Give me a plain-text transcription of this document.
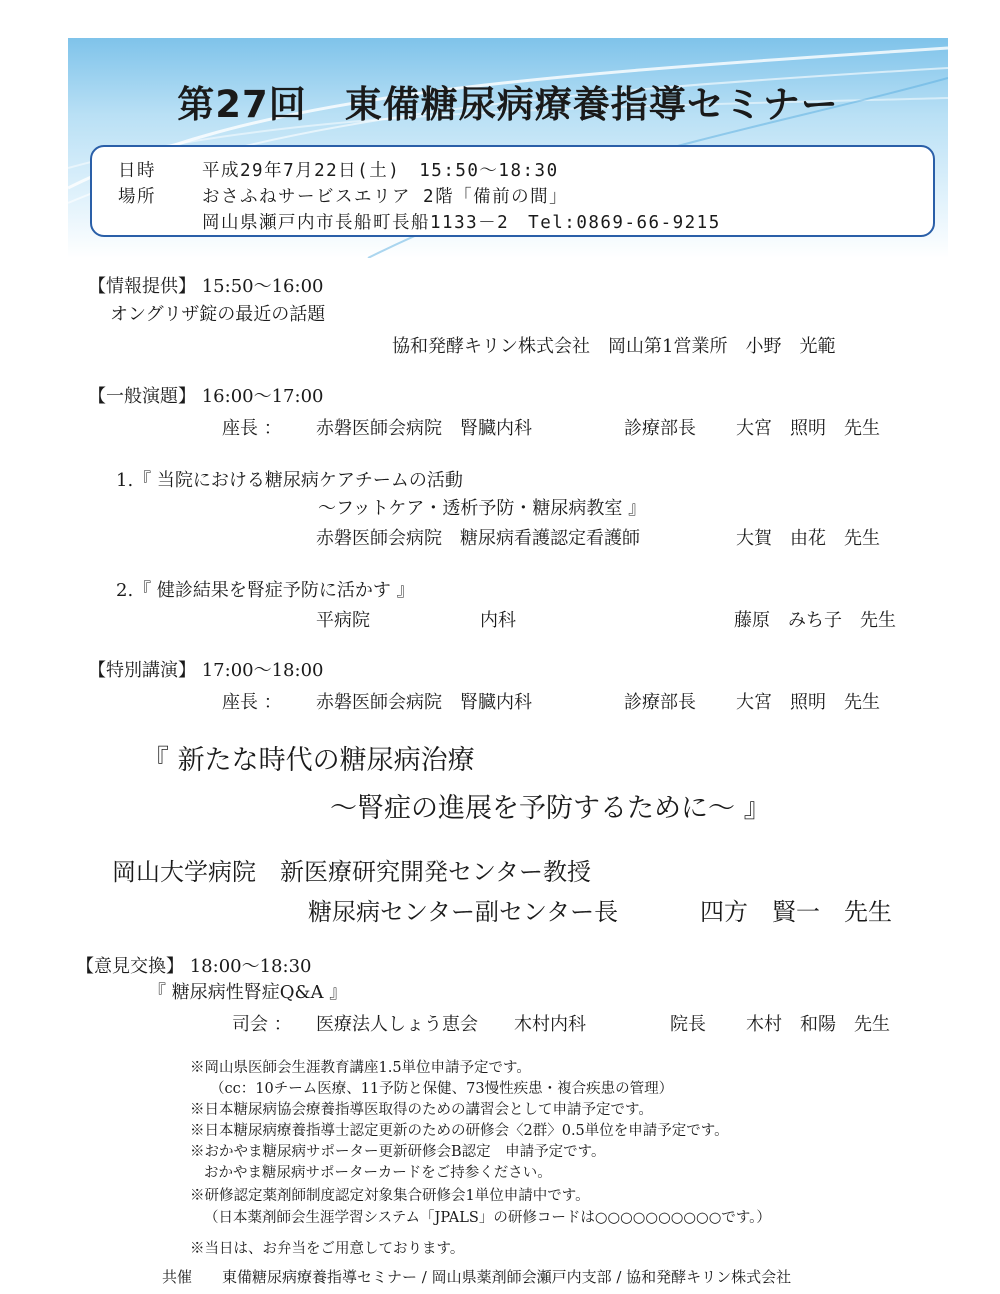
第27回　東備糖尿病療養指導セミナー
日時	平成29年7月22日(土)　15:50～18:30
場所	おさふねサービスエリア 2階「備前の間」
岡山県瀬戸内市長船町長船1133－2　Tel:0869-66-9215
【情報提供】 15:50～16:00
オングリザ錠の最近の話題
協和発酵キリン株式会社　岡山第1営業所　小野　光範
【一般演題】 16:00～17:00
座長 ： 赤磐医師会病院　腎臓内科	診療部長 大宮　照明　先生
1.『 当院における糖尿病ケアチームの活動
～フットケア・透析予防・糖尿病教室 』
赤磐医師会病院　糖尿病看護認定看護師	大賀　由花　先生
2.『 健診結果を腎症予防に活かす 』
平病院	内科	藤原　みち子　先生
【特別講演】 17:00～18:00
座長 ： 赤磐医師会病院　腎臓内科	診療部長 大宮　照明　先生
『 新たな時代の糖尿病治療
～腎症の進展を予防するために～ 』
岡山大学病院　新医療研究開発センター教授
糖尿病センター副センター長	四方　賢一　先生
【意見交換】 18:00～18:30
『 糖尿病性腎症Q&A 』
司会 ： 医療法人しょう恵会　　木村内科	院長 木村　和陽　先生
※岡山県医師会生涯教育講座1.5単位申請予定です。
（cc：10チーム医療、11予防と保健、73慢性疾患・複合疾患の管理）
※日本糖尿病協会療養指導医取得のための講習会として申請予定です。
※日本糖尿病療養指導士認定更新のための研修会〈2群〉0.5単位を申請予定です。
※おかやま糖尿病サポーター更新研修会B認定　申請予定です。
おかやま糖尿病サポーターカードをご持参ください。
※研修認定薬剤師制度認定対象集合研修会1単位申請中です。
（日本薬剤師会生涯学習システム「JPALS」の研修コードは○○○○○○○○○○です。）
※当日は、お弁当をご用意しております。
共催 東備糖尿病療養指導セミナー / 岡山県薬剤師会瀬戸内支部 / 協和発酵キリン株式会社
